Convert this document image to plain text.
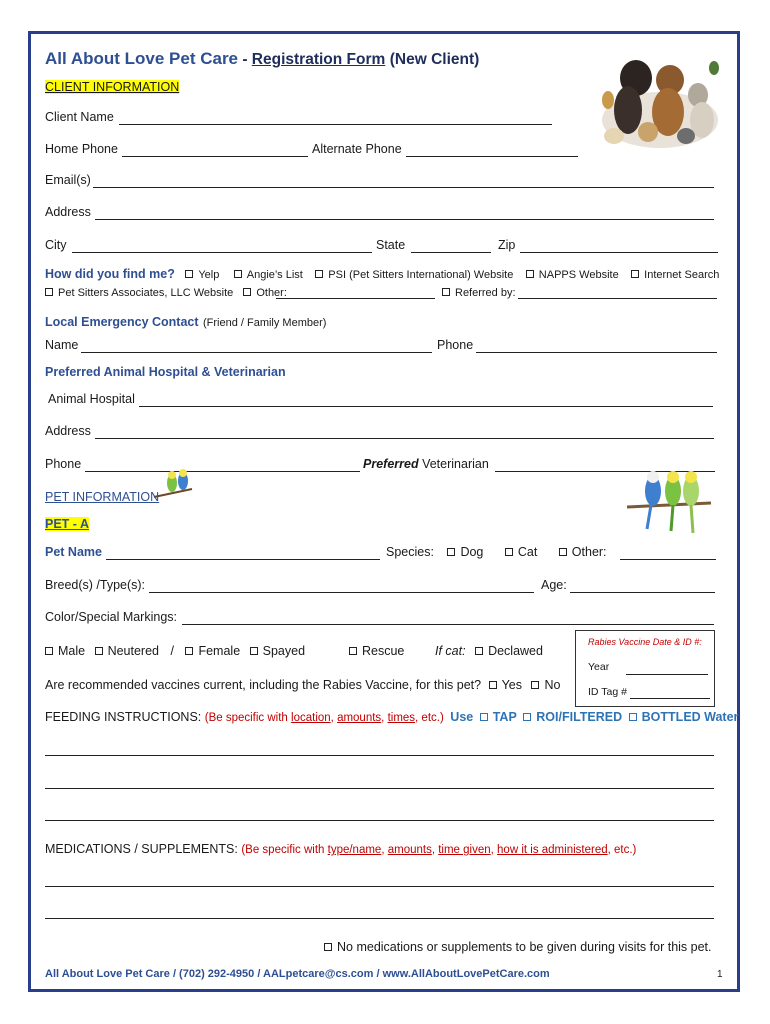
All About Love Pet Care - Registration Form (New Client)
CLIENT INFORMATION
Client Name
Home Phone	Alternate Phone
Email(s)
Address
City	State	Zip
How did you find me? Yelp Angie’s List PSI (Pet Sitters International) Website NAPPS Website Internet Search
Pet Sitters Associates, LLC Website Other:	Referred by:
Local Emergency Contact (Friend / Family Member)
Name	Phone
Preferred Animal Hospital & Veterinarian
Animal Hospital
Address
Phone	Preferred Veterinarian
PET INFORMATION
PET - A
Pet Name	Species: Dog	Cat	Other:
Breed(s) /Type(s):	Age:
Color/Special Markings:
Male Neutered / Female Spayed	Rescue If cat: Declawed
Are recommended vaccines current, including the Rabies Vaccine, for this pet? Yes No
Rabies Vaccine Date & ID #:
Year
ID Tag #
FEEDING INSTRUCTIONS: (Be specific with location, amounts, times, etc.) Use TAP ROI/FILTERED BOTTLED Water
MEDICATIONS / SUPPLEMENTS: (Be specific with type/name, amounts, time given, how it is administered, etc.)
No medications or supplements to be given during visits for this pet.
All About Love Pet Care / (702) 292-4950 / AALpetcare@cs.com / www.AllAboutLovePetCare.com	1
